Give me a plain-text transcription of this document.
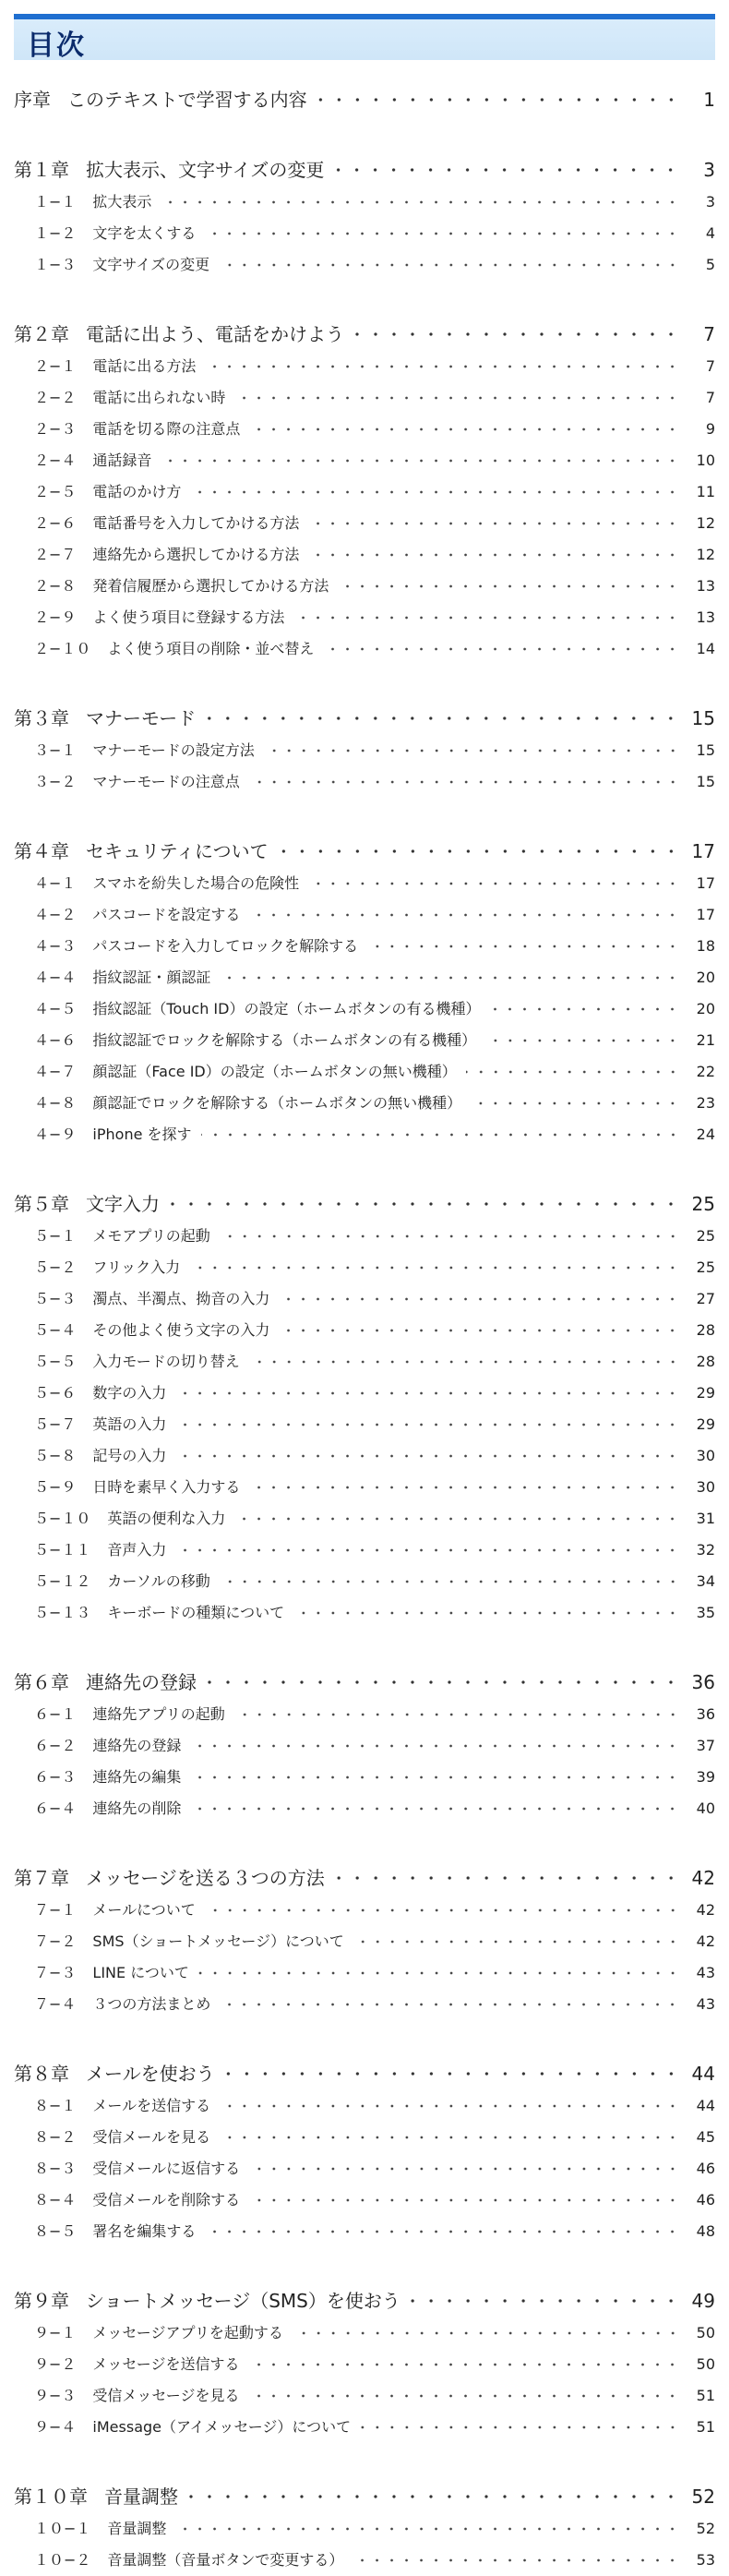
目次
序章 このテキストで学習する内容	1
第１章 拡大表示、文字サイズの変更	3
１−１ 拡大表示	3
１−２ 文字を太くする	4
１−３ 文字サイズの変更	5
第２章 電話に出よう、電話をかけよう	7
２−１ 電話に出る方法	7
２−２ 電話に出られない時	7
２−３ 電話を切る際の注意点	9
２−４ 通話録音	10
２−５ 電話のかけ方	11
２−６ 電話番号を入力してかける方法	12
２−７ 連絡先から選択してかける方法	12
２−８ 発着信履歴から選択してかける方法	13
２−９ よく使う項目に登録する方法	13
２−１０ よく使う項目の削除・並べ替え	14
第３章 マナーモード	15
３−１ マナーモードの設定方法	15
３−２ マナーモードの注意点	15
第４章 セキュリティについて	17
４−１ スマホを紛失した場合の危険性	17
４−２ パスコードを設定する	17
４−３ パスコードを入力してロックを解除する	18
４−４ 指紋認証・顔認証	20
４−５ 指紋認証（Touch ID）の設定（ホームボタンの有る機種）	20
４−６ 指紋認証でロックを解除する（ホームボタンの有る機種）	21
４−７ 顔認証（Face ID）の設定（ホームボタンの無い機種）	22
４−８ 顔認証でロックを解除する（ホームボタンの無い機種）	23
４−９ iPhone を探す	24
第５章 文字入力	25
５−１ メモアプリの起動	25
５−２ フリック入力	25
５−３ 濁点、半濁点、拗音の入力	27
５−４ その他よく使う文字の入力	28
５−５ 入力モードの切り替え	28
５−６ 数字の入力	29
５−７ 英語の入力	29
５−８ 記号の入力	30
５−９ 日時を素早く入力する	30
５−１０ 英語の便利な入力	31
５−１１ 音声入力	32
５−１２ カーソルの移動	34
５−１３ キーボードの種類について	35
第６章 連絡先の登録	36
６−１ 連絡先アプリの起動	36
６−２ 連絡先の登録	37
６−３ 連絡先の編集	39
６−４ 連絡先の削除	40
第７章 メッセージを送る３つの方法	42
７−１ メールについて	42
７−２ SMS（ショートメッセージ）について	42
７−３ LINE について	43
７−４ ３つの方法まとめ	43
第８章 メールを使おう	44
８−１ メールを送信する	44
８−２ 受信メールを見る	45
８−３ 受信メールに返信する	46
８−４ 受信メールを削除する	46
８−５ 署名を編集する	48
第９章 ショートメッセージ（SMS）を使おう	49
９−１ メッセージアプリを起動する	50
９−２ メッセージを送信する	50
９−３ 受信メッセージを見る	51
９−４ iMessage（アイメッセージ）について	51
第１０章 音量調整	52
１０−１ 音量調整	52
１０−２ 音量調整（音量ボタンで変更する）	53
